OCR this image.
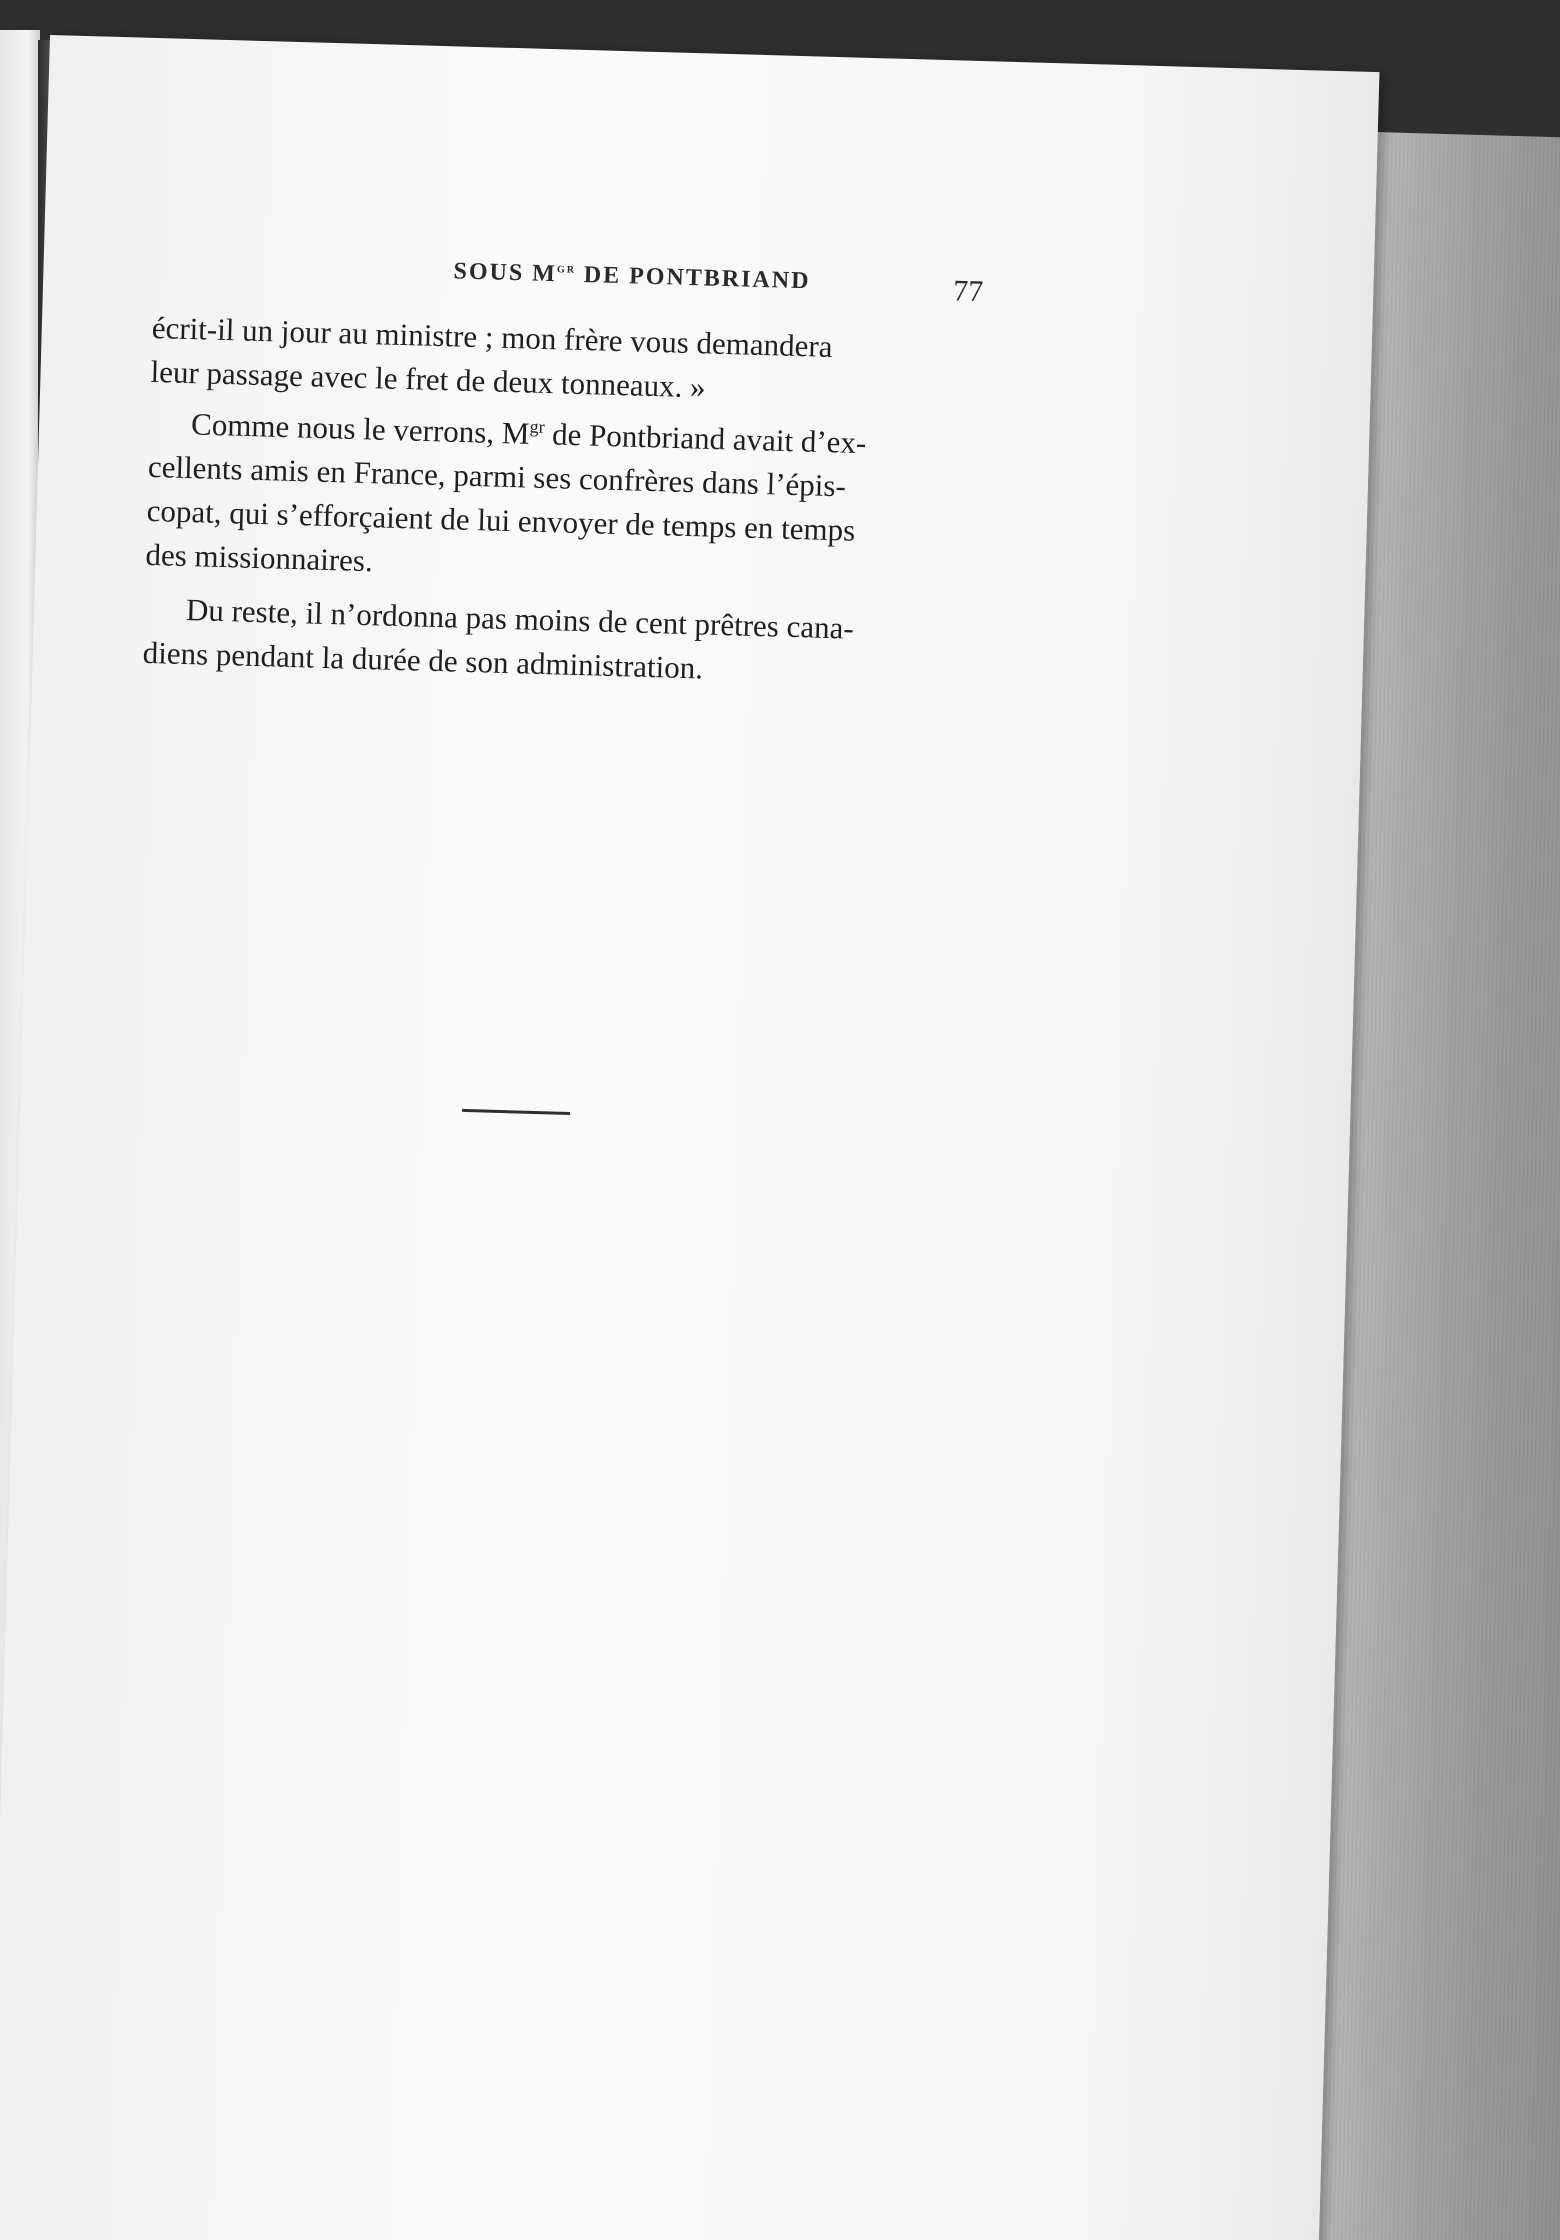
SOUS $M^{gr}$ DE PONTBRIAND	77

écrit-il un jour au ministre ; mon frère vous demandera
leur passage avec le fret de deux tonneaux. »

Comme nous le verrons, $M^{gr}$ de Pontbriand avait d’ex-
cellents amis en France, parmi ses confrères dans l’épis-
copat, qui s’efforçaient de lui envoyer de temps en temps
des missionnaires.

Du reste, il n’ordonna pas moins de cent prêtres cana-
diens pendant la durée de son administration.
